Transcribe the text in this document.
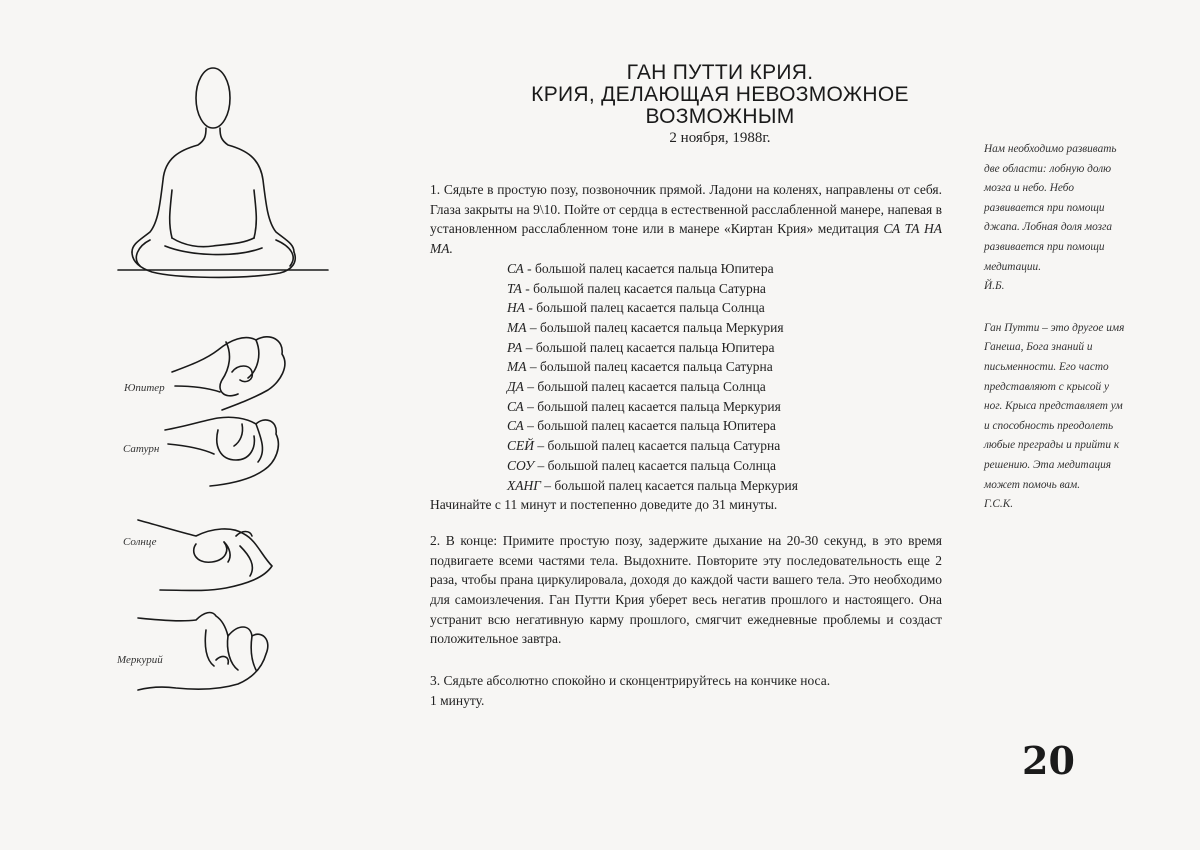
Юпитер
Сатурн
Солнце
Меркурий
ГАН ПУТТИ КРИЯ.
КРИЯ, ДЕЛАЮЩАЯ НЕВОЗМОЖНОЕ
ВОЗМОЖНЫМ
2 ноября, 1988г.

1. Сядьте в простую позу, позвоночник прямой. Ладони на коленях, направлены от себя. Глаза закрыты на 9\10. Пойте от сердца в естественной расслабленной манере, напевая в установленном расслабленном тоне или в манере «Киртан Крия» медитация СА ТА НА МА.

СА - большой палец касается пальца Юпитера
ТА - большой палец касается пальца Сатурна
НА - большой палец касается пальца Солнца
МА – большой палец касается пальца Меркурия
РА – большой палец касается пальца Юпитера
МА – большой палец касается пальца Сатурна
ДА – большой палец касается пальца Солнца
СА – большой палец касается пальца Меркурия
СА – большой палец касается пальца Юпитера
СЕЙ – большой палец касается пальца Сатурна
СОУ – большой палец касается пальца Солнца
ХАНГ – большой палец касается пальца Меркурия

Начинайте с 11 минут и постепенно доведите до 31 минуты.

2. В конце: Примите простую позу, задержите дыхание на 20-30 секунд, в это время подвигаете всеми частями тела. Выдохните. Повторите эту последовательность еще 2 раза, чтобы прана циркулировала, доходя до каждой части вашего тела. Это необходимо для самоизлечения. Ган Путти Крия уберет весь негатив прошлого и настоящего. Она устранит всю негативную карму прошлого, смягчит ежедневные проблемы и создаст положительное завтра.

3. Сядьте абсолютно спокойно и сконцентрируйтесь на кончике носа.

1 минуту.

Нам необходимо развивать две области: лобную долю мозга и небо. Небо развивается при помощи джапа. Лобная доля мозга развивается при помощи медитации.

Й.Б.

Ган Путти – это другое имя Ганеша, Бога знаний и письменности. Его часто представляют с крысой у ног. Крыса представляет ум и способность преодолеть любые преграды и прийти к решению. Эта медитация может помочь вам.

Г.С.К.

20
